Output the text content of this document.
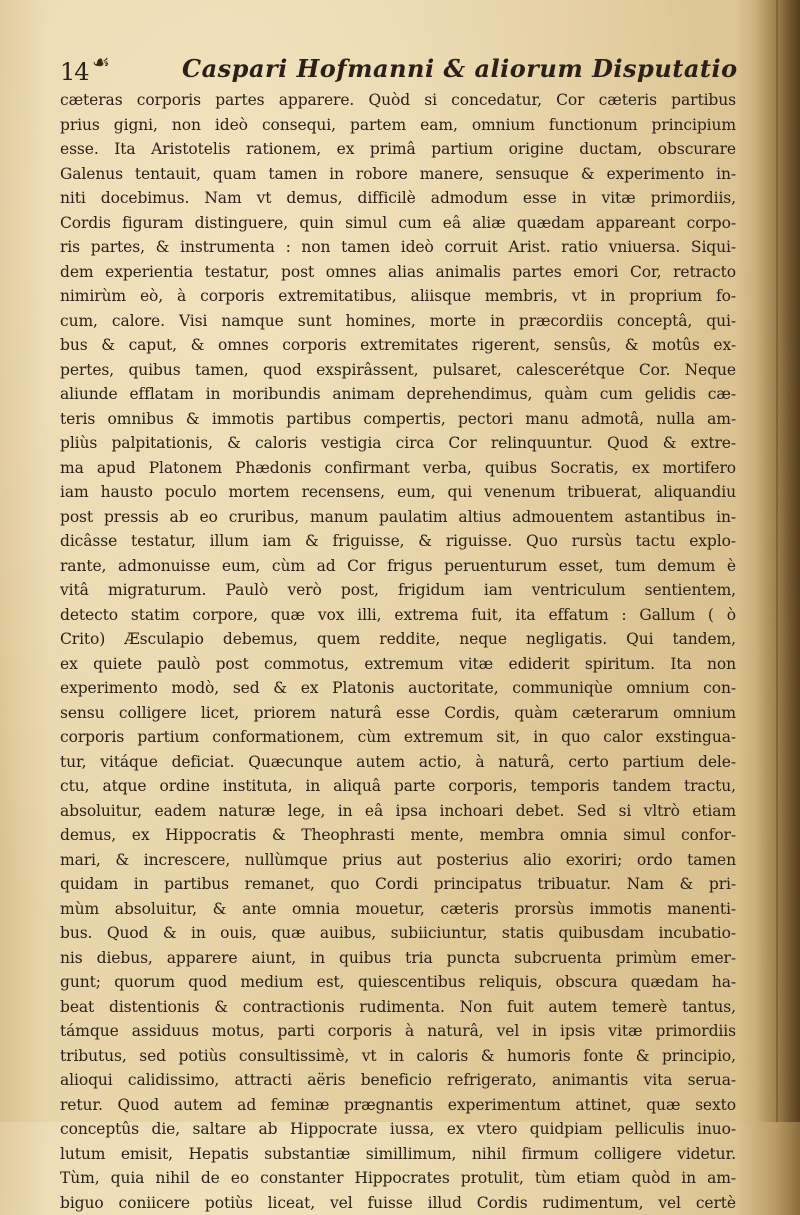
14 ☙	Caspari Hofmanni & aliorum Disputatio
cæteras corporis partes apparere. Quòd si concedatur, Cor cæteris partibus
prius gigni, non ideò consequi, partem eam, omnium functionum principium
esse. Ita Aristotelis rationem, ex primâ partium origine ductam, obscurare
Galenus tentauit, quam tamen in robore manere, sensuque & experimento in-
niti docebimus. Nam vt demus, difficilè admodum esse in vitæ primordiis,
Cordis figuram distinguere, quin simul cum eâ aliæ quædam appareant corpo-
ris partes, & instrumenta : non tamen ideò corruit Arist. ratio vniuersa. Siqui-
dem experientia testatur, post omnes alias animalis partes emori Cor, retracto
nimirùm eò, à corporis extremitatibus, aliisque membris, vt in proprium fo-
cum, calore. Visi namque sunt homines, morte in præcordiis conceptâ, qui-
bus & caput, & omnes corporis extremitates rigerent, sensûs, & motûs ex-
pertes, quibus tamen, quod exspirâssent, pulsaret, calescerétque Cor. Neque
aliunde efflatam in moribundis animam deprehendimus, quàm cum gelidis cæ-
teris omnibus & immotis partibus compertis, pectori manu admotâ, nulla am-
pliùs palpitationis, & caloris vestigia circa Cor relinquuntur. Quod & extre-
ma apud Platonem Phædonis confirmant verba, quibus Socratis, ex mortifero
iam hausto poculo mortem recensens, eum, qui venenum tribuerat, aliquandiu
post pressis ab eo cruribus, manum paulatim altius admouentem astantibus in-
dicâsse testatur, illum iam & friguisse, & riguisse. Quo rursùs tactu explo-
rante, admonuisse eum, cùm ad Cor frigus peruenturum esset, tum demum è
vitâ migraturum. Paulò verò post, frigidum iam ventriculum sentientem,
detecto statim corpore, quæ vox illi, extrema fuit, ita effatum : Gallum ( ò
Crito) Æsculapio debemus, quem reddite, neque negligatis. Qui tandem,
ex quiete paulò post commotus, extremum vitæ ediderit spiritum. Ita non
experimento modò, sed & ex Platonis auctoritate, communiqùe omnium con-
sensu colligere licet, priorem naturâ esse Cordis, quàm cæterarum omnium
corporis partium conformationem, cùm extremum sit, in quo calor exstingua-
tur, vitáque deficiat. Quæcunque autem actio, à naturâ, certo partium dele-
ctu, atque ordine instituta, in aliquâ parte corporis, temporis tandem tractu,
absoluitur, eadem naturæ lege, in eâ ipsa inchoari debet. Sed si vltrò etiam
demus, ex Hippocratis & Theophrasti mente, membra omnia simul confor-
mari, & increscere, nullùmque prius aut posterius alio exoriri; ordo tamen
quidam in partibus remanet, quo Cordi principatus tribuatur. Nam & pri-
mùm absoluitur, & ante omnia mouetur, cæteris prorsùs immotis manenti-
bus. Quod & in ouis, quæ auibus, subiiciuntur, statis quibusdam incubatio-
nis diebus, apparere aiunt, in quibus tria puncta subcruenta primùm emer-
gunt; quorum quod medium est, quiescentibus reliquis, obscura quædam ha-
beat distentionis & contractionis rudimenta. Non fuit autem temerè tantus,
támque assiduus motus, parti corporis à naturâ, vel in ipsis vitæ primordiis
tributus, sed potiùs consultissimè, vt in caloris & humoris fonte & principio,
alioqui calidissimo, attracti aëris beneficio refrigerato, animantis vita serua-
retur. Quod autem ad feminæ prægnantis experimentum attinet, quæ sexto
conceptûs die, saltare ab Hippocrate iussa, ex vtero quidpiam pelliculis inuo-
lutum emisit, Hepatis substantiæ simillimum, nihil firmum colligere videtur.
Tùm, quia nihil de eo constanter Hippocrates protulit, tùm etiam quòd in am-
biguo coniicere potiùs liceat, vel fuisse illud Cordis rudimentum, vel certè
